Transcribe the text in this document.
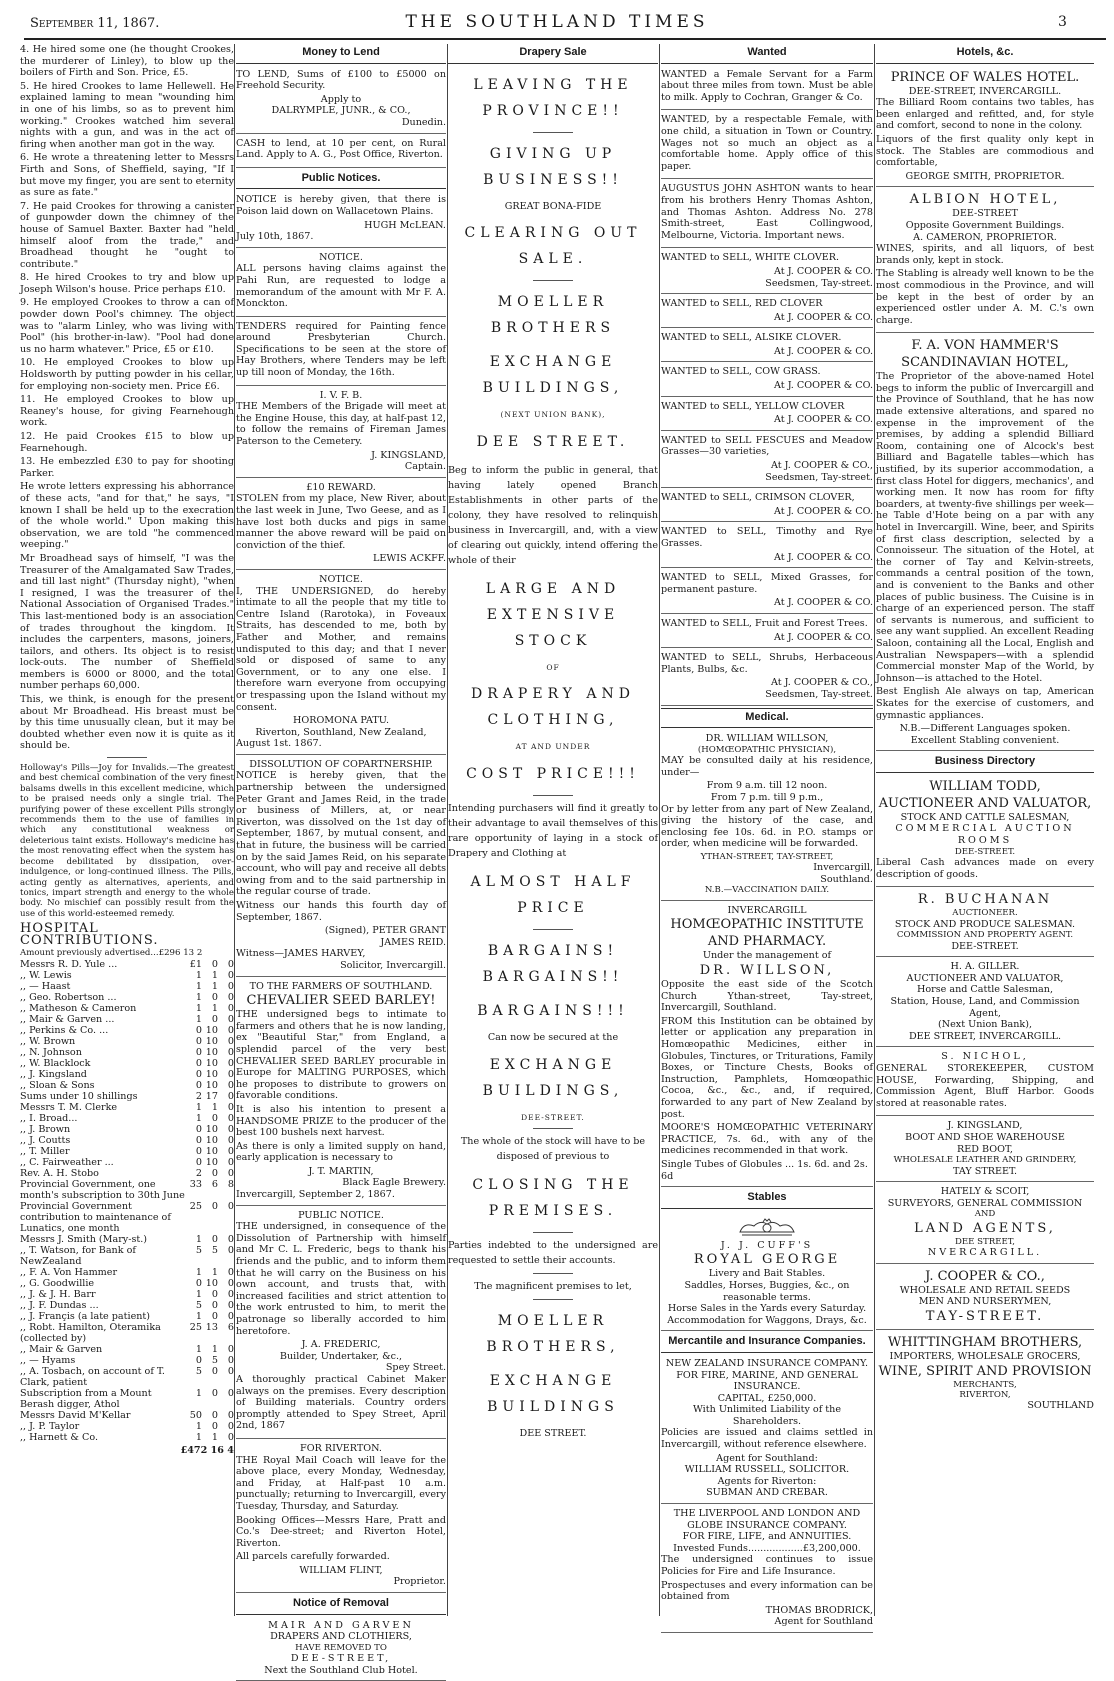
September 11, 1867.	THE SOUTHLAND TIMES	3

4. He hired some one (he thought Crookes, the murderer of Linley), to blow up the boilers of Firth and Son. Price, £5.

5. He hired Crookes to lame Hellewell. He explained laming to mean "wounding him in one of his limbs, so as to prevent him working." Crookes watched him several nights with a gun, and was in the act of firing when another man got in the way.

6. He wrote a threatening letter to Messrs Firth and Sons, of Sheffield, saying, "If I but move my finger, you are sent to eternity as sure as fate."

7. He paid Crookes for throwing a canister of gunpowder down the chimney of the house of Samuel Baxter. Baxter had "held himself aloof from the trade," and Broadhead thought he "ought to contribute."

8. He hired Crookes to try and blow up Joseph Wilson's house. Price perhaps £10.

9. He employed Crookes to throw a can of powder down Pool's chimney. The object was to "alarm Linley, who was living with Pool" (his brother-in-law). "Pool had done us no harm whatever." Price, £5 or £10.

10. He employed Crookes to blow up Holdsworth by putting powder in his cellar, for employing non-society men. Price £6.

11. He employed Crookes to blow up Reaney's house, for giving Fearnehough work.

12. He paid Crookes £15 to blow up Fearnehough.

13. He embezzled £30 to pay for shooting Parker.

He wrote letters expressing his abhorrance of these acts, "and for that," he says, "I known I shall be held up to the execration of the whole world." Upon making this observation, we are told "he commenced weeping."

Mr Broadhead says of himself, "I was the Treasurer of the Amalgamated Saw Trades, and till last night" (Thursday night), "when I resigned, I was the treasurer of the National Association of Organised Trades." This last-mentioned body is an association of trades throughout the kingdom. It includes the carpenters, masons, joiners, tailors, and others. Its object is to resist lock-outs. The number of Sheffield members is 6000 or 8000, and the total number perhaps 60,000.

This, we think, is enough for the present about Mr Broadhead. His breast must be by this time unusually clean, but it may be doubted whether even now it is quite as it should be.

Holloway's Pills—Joy for Invalids.—The greatest and best chemical combination of the very finest balsams dwells in this excellent medicine, which to be praised needs only a single trial. The purifying power of these excellent Pills strongly recommends them to the use of families in which any constitutional weakness or deleterious taint exists. Holloway's medicine has the most renovating effect when the system has become debilitated by dissipation, over-indulgence, or long-continued illness. The Pills, acting gently as alternatives, aperients, and tonics, impart strength and energy to the whole body. No mischief can possibly result from the use of this world-esteemed remedy.

HOSPITAL CONTRIBUTIONS.
Amount previously advertised...£296 13 2
Messrs R. D. Yule ...	£1	0	0
,, W. Lewis	1	1	0
,, — Haast	1	1	0
,, Geo. Robertson ...	1	0	0
,, Matheson & Cameron	1	1	0
,, Mair & Garven ...	1	0	0
,, Perkins & Co. ...	0	10	0
,, W. Brown	0	10	0
,, N. Johnson	0	10	0
,, W. Blacklock	0	10	0
,, J. Kingsland	0	10	0
,, Sloan & Sons	0	10	0
Sums under 10 shillings	2	17	0
Messrs T. M. Clerke	1	1	0
,, I. Broad...	1	0	0
,, J. Brown	0	10	0
,, J. Coutts	0	10	0
,, T. Miller	0	10	0
,, C. Fairweather ...	0	10	0
Rev. A. H. Stobo	2	0	0
Provincial Government, one month's subscription to 30th June	33	6	8
Provincial Government contribution to maintenance of Lunatics, one month	25	0	0
Messrs J. Smith (Mary-st.)	1	0	0
,, T. Watson, for Bank of NewZealand	5	5	0
,, F. A. Von Hammer	1	1	0
,, G. Goodwillie	0	10	0
,, J. & J. H. Barr	1	0	0
,, J. F. Dundas ...	5	0	0
,, J. Françis (a late patient)	1	0	0
,, Robt. Hamilton, Oteramika (collected by)	25	13	6
,, Mair & Garven	1	1	0
,, — Hyams	0	5	0
,, A. Tosbach, on account of T. Clark, patient	5	0	0
Subscription from a Mount Berash digger, Athol	1	0	0
Messrs David M'Kellar	50	0	0
,, J. P. Taylor	1	0	0
,, Harnett & Co.	1	1	0
£472 16 4
Money to Lend

TO LEND, Sums of £100 to £5000 on Freehold Security.

Apply to
DALRYMPLE, JUNR., & CO.,
Dunedin.

CASH to lend, at 10 per cent, on Rural Land. Apply to A. G., Post Office, Riverton.

Public Notices.

NOTICE is hereby given, that there is Poison laid down on Wallacetown Plains.

HUGH McLEAN.
July 10th, 1867.
NOTICE.

ALL persons having claims against the Pahi Run, are requested to lodge a memorandum of the amount with Mr F. A. Monckton.

TENDERS required for Painting fence around Presbyterian Church. Specifications to be seen at the store of Hay Brothers, where Tenders may be left up till noon of Monday, the 16th.

I. V. F. B.

THE Members of the Brigade will meet at the Engine House, this day, at half-past 12, to follow the remains of Fireman James Paterson to the Cemetery.

J. KINGSLAND,
Captain.
£10 REWARD.

STOLEN from my place, New River, about the last week in June, Two Geese, and as I have lost both ducks and pigs in same manner the above reward will be paid on conviction of the thief.

LEWIS ACKFF.
NOTICE.

I, THE UNDERSIGNED, do hereby intimate to all the people that my title to Centre Island (Rarotoka), in Foveaux Straits, has descended to me, both by Father and Mother, and remains undisputed to this day; and that I never sold or disposed of same to any Government, or to any one else. I therefore warn everyone from occupying or trespassing upon the Island without my consent.

HOROMONA PATU.
Riverton, Southland, New Zealand,
August 1st. 1867.
DISSOLUTION OF COPARTNERSHIP.

NOTICE is hereby given, that the partnership between the undersigned Peter Grant and James Reid, in the trade or business of Millers, at, or near Riverton, was dissolved on the 1st day of September, 1867, by mutual consent, and that in future, the business will be carried on by the said James Reid, on his separate account, who will pay and receive all debts owing from and to the said partnership in the regular course of trade.

Witness our hands this fourth day of September, 1867.

(Signed), PETER GRANT
JAMES REID.
Witness—JAMES HARVEY,
Solicitor, Invercargill.
TO THE FARMERS OF SOUTHLAND.
CHEVALIER SEED BARLEY!

THE undersigned begs to intimate to farmers and others that he is now landing, ex "Beautiful Star," from England, a splendid parcel of the very best CHEVALIER SEED BARLEY procurable in Europe for MALTING PURPOSES, which he proposes to distribute to growers on favorable conditions.

It is also his intention to present a HANDSOME PRIZE to the producer of the best 100 bushels next harvest.

As there is only a limited supply on hand, early application is necessary to

J. T. MARTIN,
Black Eagle Brewery.
Invercargill, September 2, 1867.
PUBLIC NOTICE.

THE undersigned, in consequence of the Dissolution of Partnership with himself and Mr C. L. Frederic, begs to thank his friends and the public, and to inform them that he will carry on the Business on his own account, and trusts that, with increased facilities and strict attention to the work entrusted to him, to merit the patronage so liberally accorded to him heretofore.

J. A. FREDERIC,
Builder, Undertaker, &c.,
Spey Street.

A thoroughly practical Cabinet Maker always on the premises. Every description of Building materials. Country orders promptly attended to Spey Street, April 2nd, 1867

FOR RIVERTON.

THE Royal Mail Coach will leave for the above place, every Monday, Wednesday, and Friday, at Half-past 10 a.m. punctually; returning to Invercargill, every Tuesday, Thursday, and Saturday.

Booking Offices—Messrs Hare, Pratt and Co.'s Dee-street; and Riverton Hotel, Riverton.

All parcels carefully forwarded.

WILLIAM FLINT,
Proprietor.
Notice of Removal
MAIR AND GARVEN
DRAPERS AND CLOTHIERS,
HAVE REMOVED TO
DEE-STREET,
Next the Southland Club Hotel.
Drapery Sale
LEAVING THE PROVINCE!!
GIVING UP BUSINESS!!
GREAT BONA-FIDE
CLEARING OUT SALE.
MOELLER BROTHERS
EXCHANGE BUILDINGS,
(NEXT UNION BANK),
DEE STREET.

Beg to inform the public in general, that having lately opened Branch Establishments in other parts of the colony, they have resolved to relinquish business in Invercargill, and, with a view of clearing out quickly, intend offering the whole of their

LARGE AND EXTENSIVE STOCK
OF
DRAPERY AND CLOTHING,
AT AND UNDER
COST PRICE!!!

Intending purchasers will find it greatly to their advantage to avail themselves of this rare opportunity of laying in a stock of Drapery and Clothing at

ALMOST HALF PRICE
BARGAINS! BARGAINS!!
BARGAINS!!!
Can now be secured at the
EXCHANGE BUILDINGS,
DEE-STREET.

The whole of the stock will have to be disposed of previous to

CLOSING THE PREMISES.

Parties indebted to the undersigned are requested to settle their accounts.

The magnificent premises to let,

MOELLER BROTHERS,
EXCHANGE BUILDINGS
DEE STREET.
Wanted

WANTED a Female Servant for a Farm about three miles from town. Must be able to milk. Apply to Cochran, Granger & Co.

WANTED, by a respectable Female, with one child, a situation in Town or Country. Wages not so much an object as a comfortable home. Apply office of this paper.

AUGUSTUS JOHN ASHTON wants to hear from his brothers Henry Thomas Ashton, and Thomas Ashton. Address No. 278 Smith-street, East Collingwood, Melbourne, Victoria. Important news.

WANTED to SELL, WHITE CLOVER.
At J. COOPER & CO.
Seedsmen, Tay-street.
WANTED to SELL, RED CLOVER
At J. COOPER & CO.
WANTED to SELL, ALSIKE CLOVER.
At J. COOPER & CO.
WANTED to SELL, COW GRASS.
At J. COOPER & CO.
WANTED to SELL, YELLOW CLOVER
At J. COOPER & CO.
WANTED to SELL FESCUES and Meadow Grasses—30 varieties,
At J. COOPER & CO.,
Seedsmen, Tay-street.
WANTED to SELL, CRIMSON CLOVER,
At J. COOPER & CO.
WANTED to SELL, Timothy and Rye Grasses.
At J. COOPER & CO.
WANTED to SELL, Mixed Grasses, for permanent pasture.
At J. COOPER & CO.
WANTED to SELL, Fruit and Forest Trees.
At J. COOPER & CO.
WANTED to SELL, Shrubs, Herbaceous Plants, Bulbs, &c.
At J. COOPER & CO.,
Seedsmen, Tay-street.
Medical.
DR. WILLIAM WILLSON,
(HOMŒOPATHIC PHYSICIAN),

MAY be consulted daily at his residence, under—

From 9 a.m. till 12 noon.
From 7 p.m. till 9 p.m.,

Or by letter from any part of New Zealand, giving the history of the case, and enclosing fee 10s. 6d. in P.O. stamps or order, when medicine will be forwarded.

YTHAN-STREET, TAY-STREET,
Invercargill,
Southland.
N.B.—VACCINATION DAILY.
INVERCARGILL
HOMŒOPATHIC INSTITUTE
AND PHARMACY.
Under the management of
DR. WILLSON,

Opposite the east side of the Scotch Church Ythan-street, Tay-street, Invercargill, Southland.

FROM this Institution can be obtained by letter or application any preparation in Homœopathic Medicines, either in Globules, Tinctures, or Triturations, Family Boxes, or Tincture Chests, Books of Instruction, Pamphlets, Homœopathic Cocoa, &c., &c., and, if required, forwarded to any part of New Zealand by post.

MOORE'S HOMŒOPATHIC VETERINARY PRACTICE, 7s. 6d., with any of the medicines recommended in that work.

Single Tubes of Globules ... 1s. 6d. and 2s. 6d
Stables
J. J. CUFF'S
ROYAL GEORGE
Livery and Bait Stables.
Saddles, Horses, Buggies, &c., on reasonable terms.
Horse Sales in the Yards every Saturday.
Accommodation for Waggons, Drays, &c.
Mercantile and Insurance Companies.
NEW ZEALAND INSURANCE COMPANY.
FOR FIRE, MARINE, AND GENERAL INSURANCE.
CAPITAL, £250,000.
With Unlimited Liability of the Shareholders.

Policies are issued and claims settled in Invercargill, without reference elsewhere.

Agent for Southland:
WILLIAM RUSSELL, SOLICITOR.
Agents for Riverton:
SUBMAN AND CREBAR.
THE LIVERPOOL AND LONDON AND GLOBE INSURANCE COMPANY.
FOR FIRE, LIFE, and ANNUITIES.
Invested Funds..................£3,200,000.

The undersigned continues to issue Policies for Fire and Life Insurance.

Prospectuses and every information can be obtained from

THOMAS BRODRICK,
Agent for Southland
Hotels, &c.
PRINCE OF WALES HOTEL.
DEE-STREET, INVERCARGILL.

The Billiard Room contains two tables, has been enlarged and refitted, and, for style and comfort, second to none in the colony.

Liquors of the first quality only kept in stock. The Stables are commodious and comfortable,

GEORGE SMITH, PROPRIETOR.
ALBION HOTEL,
DEE-STREET
Opposite Government Buildings.
A. CAMERON, PROPRIETOR.

WINES, spirits, and all liquors, of best brands only, kept in stock.

The Stabling is already well known to be the most commodious in the Province, and will be kept in the best of order by an experienced ostler under A. M. C.'s own charge.

F. A. VON HAMMER'S
SCANDINAVIAN HOTEL,

The Proprietor of the above-named Hotel begs to inform the public of Invercargill and the Province of Southland, that he has now made extensive alterations, and spared no expense in the improvement of the premises, by adding a splendid Billiard Room, containing one of Alcock's best Billiard and Bagatelle tables—which has justified, by its superior accommodation, a first class Hotel for diggers, mechanics', and working men. It now has room for fifty boarders, at twenty-five shillings per week—he Table d'Hote being on a par with any hotel in Invercargill. Wine, beer, and Spirits of first class description, selected by a Connoisseur. The situation of the Hotel, at the corner of Tay and Kelvin-streets, commands a central position of the town, and is convenient to the Banks and other places of public business. The Cuisine is in charge of an experienced person. The staff of servants is numerous, and sufficient to see any want supplied. An excellent Reading Saloon, containing all the Local, English and Australian Newspapers—with a splendid Commercial monster Map of the World, by Johnson—is attached to the Hotel.

Best English Ale always on tap, American Skates for the exercise of customers, and gymnastic appliances.

N.B.—Different Languages spoken.
Excellent Stabling convenient.
Business Directory
WILLIAM TODD,
AUCTIONEER AND VALUATOR,
STOCK AND CATTLE SALESMAN,
COMMERCIAL AUCTION ROOMS
DEE-STREET.

Liberal Cash advances made on every description of goods.

R. BUCHANAN
AUCTIONEER.
STOCK AND PRODUCE SALESMAN.
COMMISSION AND PROPERTY AGENT.
DEE-STREET.
H. A. GILLER.
AUCTIONEER AND VALUATOR,
Horse and Cattle Salesman,
Station, House, Land, and Commission Agent,
(Next Union Bank),
DEE STREET, INVERCARGILL.
S. NICHOL,

GENERAL STOREKEEPER, CUSTOM HOUSE, Forwarding, Shipping, and Commission Agent, Bluff Harbor. Goods stored at reasonable rates.

J. KINGSLAND,
BOOT AND SHOE WAREHOUSE
RED BOOT,
WHOLESALE LEATHER AND GRINDERY,
TAY STREET.
HATELY & SCOIT,
SURVEYORS, GENERAL COMMISSION
AND
LAND AGENTS,
DEE STREET,
NVERCARGILL.
J. COOPER & CO.,
WHOLESALE AND RETAIL SEEDS
MEN AND NURSERYMEN,
TAY-STREET.
WHITTINGHAM BROTHERS,
IMPORTERS, WHOLESALE GROCERS,
WINE, SPIRIT AND PROVISION
MERCHANTS,
RIVERTON,
SOUTHLAND
